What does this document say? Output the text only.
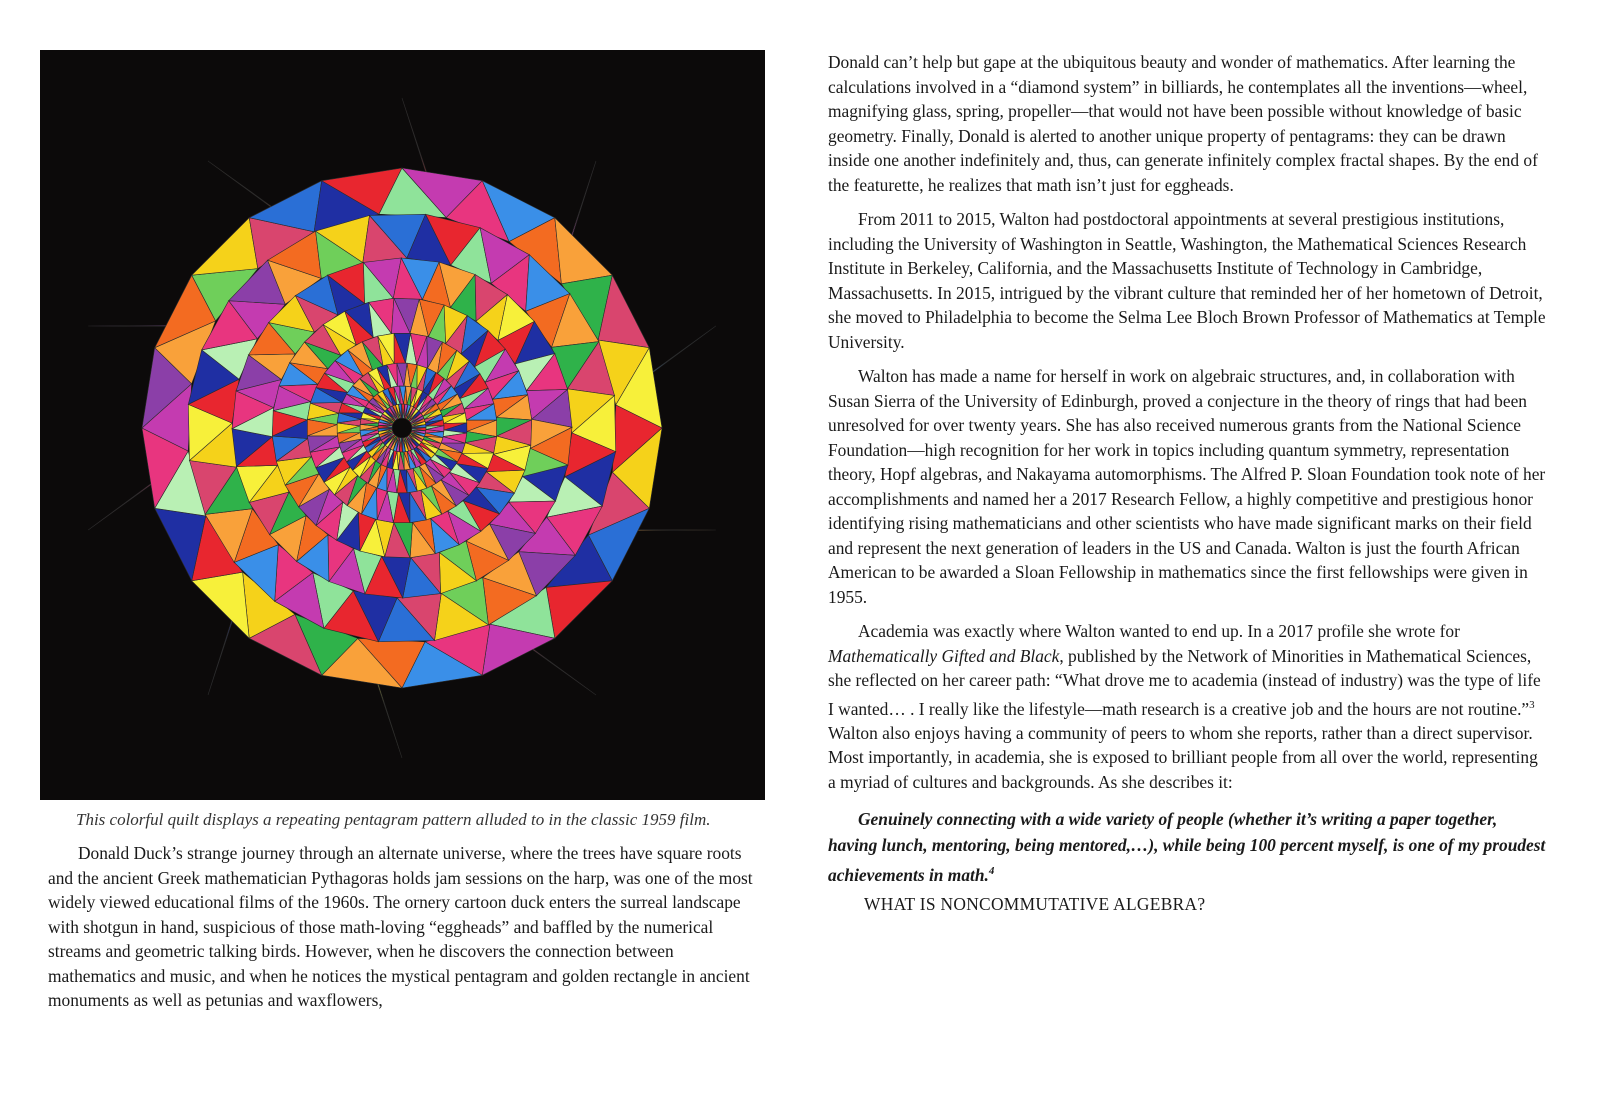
This colorful quilt displays a repeating pentagram pattern alluded to in the classic 1959 film.

Donald Duck’s strange journey through an alternate universe, where the trees have square roots and the ancient Greek mathematician Pythagoras holds jam sessions on the harp, was one of the most widely viewed educational films of the 1960s. The ornery cartoon duck enters the surreal landscape with shotgun in hand, suspicious of those math-loving “eggheads” and baffled by the numerical streams and geometric talking birds. However, when he discovers the connection between mathematics and music, and when he notices the mystical pentagram and golden rectangle in ancient monuments as well as petunias and waxflowers,

Donald can’t help but gape at the ubiquitous beauty and wonder of mathematics. After learning the calculations involved in a “diamond system” in billiards, he contemplates all the inventions—wheel, magnifying glass, spring, propeller—that would not have been possible without knowledge of basic geometry. Finally, Donald is alerted to another unique property of pentagrams: they can be drawn inside one another indefinitely and, thus, can generate infinitely complex fractal shapes. By the end of the featurette, he realizes that math isn’t just for eggheads.

From 2011 to 2015, Walton had postdoctoral appointments at several prestigious institutions, including the University of Washington in Seattle, Washington, the Mathematical Sciences Research Institute in Berkeley, California, and the Massachusetts Institute of Technology in Cambridge, Massachusetts. In 2015, intrigued by the vibrant culture that reminded her of her hometown of Detroit, she moved to Philadelphia to become the Selma Lee Bloch Brown Professor of Mathematics at Temple University.

Walton has made a name for herself in work on algebraic structures, and, in collaboration with Susan Sierra of the University of Edinburgh, proved a conjecture in the theory of rings that had been unresolved for over twenty years. She has also received numerous grants from the National Science Foundation—high recognition for her work in topics including quantum symmetry, representation theory, Hopf algebras, and Nakayama automorphisms. The Alfred P. Sloan Foundation took note of her accomplishments and named her a 2017 Research Fellow, a highly competitive and prestigious honor identifying rising mathematicians and other scientists who have made significant marks on their field and represent the next generation of leaders in the US and Canada. Walton is just the fourth African American to be awarded a Sloan Fellowship in mathematics since the first fellowships were given in 1955.

Academia was exactly where Walton wanted to end up. In a 2017 profile she wrote for Mathematically Gifted and Black, published by the Network of Minorities in Mathematical Sciences, she reflected on her career path: “What drove me to academia (instead of industry) was the type of life I wanted… . I really like the lifestyle—math research is a creative job and the hours are not routine.”$^3$ Walton also enjoys having a community of peers to whom she reports, rather than a direct supervisor. Most importantly, in academia, she is exposed to brilliant people from all over the world, representing a myriad of cultures and backgrounds. As she describes it:

Genuinely connecting with a wide variety of people (whether it’s writing a paper together, having lunch, mentoring, being mentored,…), while being 100 percent myself, is one of my proudest achievements in math.$^4$

WHAT IS NONCOMMUTATIVE ALGEBRA?
